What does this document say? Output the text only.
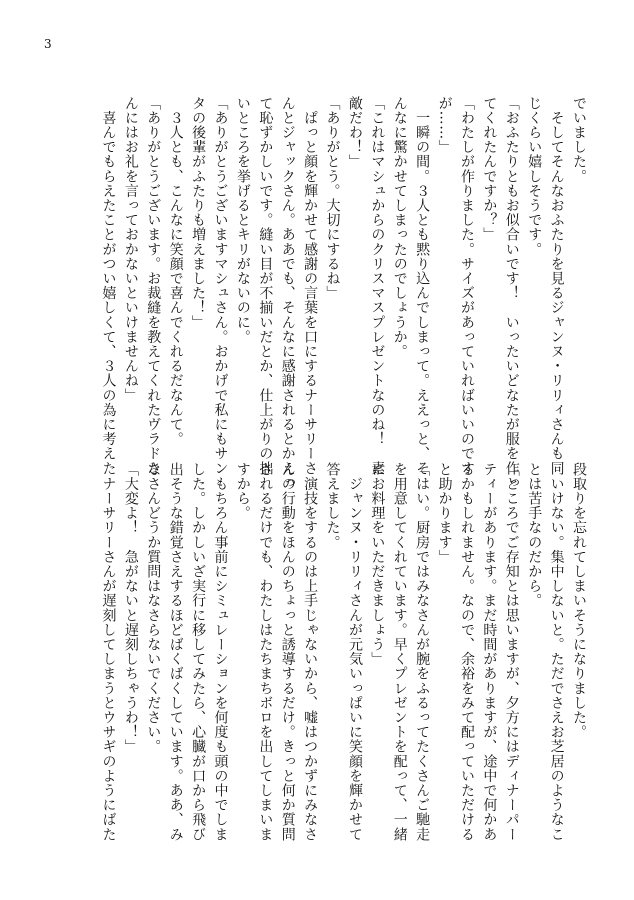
3
でいました。
　そしてそんなおふたりを見るジャンヌ・リリィさんも同
じくらい嬉しそうです。
「おふたりともお似合いです！　いったいどなたが服を作っ
てくれたんですか？」
「わたしが作りました。サイズがあっていればいいのです
が……」
　一瞬の間。３人とも黙り込んでしまって。ええっと、そ
んなに驚かせてしまったのでしょうか。
「これはマシュからのクリスマスプレゼントなのね！　素
敵だわ！」
「ありがとう。大切にするね」
　ぱっと顔を輝かせて感謝の言葉を口にするナーサリーさ
んとジャックさん。ああでも、そんなに感謝されるとかえっ
て恥ずかしいです。縫い目が不揃いだとか、仕上がりの拙
いところを挙げるとキリがないのに。
「ありがとうございますマシュさん。おかげで私にもサン
タの後輩がふたりも増えました！」
　３人とも、こんなに笑顔で喜んでくれるだなんて。
「ありがとうございます。お裁縫を教えてくれたヴラドさ
んにはお礼を言っておかないといけませんね」
　喜んでもらえたことがつい嬉しくて、３人の為に考えた
段取りを忘れてしまいそうになりました。
　いけない。集中しないと。ただでさえお芝居のようなこ
とは苦手なのだから。
「ところでご存知とは思いますが、夕方にはディナーパー
ティーがあります。まだ時間がありますが、途中で何かあ
るかもしれません。なので、余裕をみて配っていただける
と助かります」
「はい。厨房ではみなさんが腕をふるってたくさんご馳走
を用意してくれています。早くプレゼントを配って、一緒
にお料理をいただきましょう」
　ジャンヌ・リリィさんが元気いっぱいに笑顔を輝かせて
答えました。
　演技をするのは上手じゃないから、嘘はつかずにみなさ
んの行動をほんのちょっと誘導するだけ。きっと何か質問
されるだけでも、わたしはたちまちボロを出してしまいま
すから。
　もちろん事前にシミュレーションを何度も頭の中でしま
した。しかしいざ実行に移してみたら、心臓が口から飛び
出そうな錯覚さえするほどばくばくしています。ああ、み
なさんどうか質問はなさらないでください。
「大変よ！　急がないと遅刻しちゃうわ！」
　ナーサリーさんが遅刻してしまうとウサギのようにばた
